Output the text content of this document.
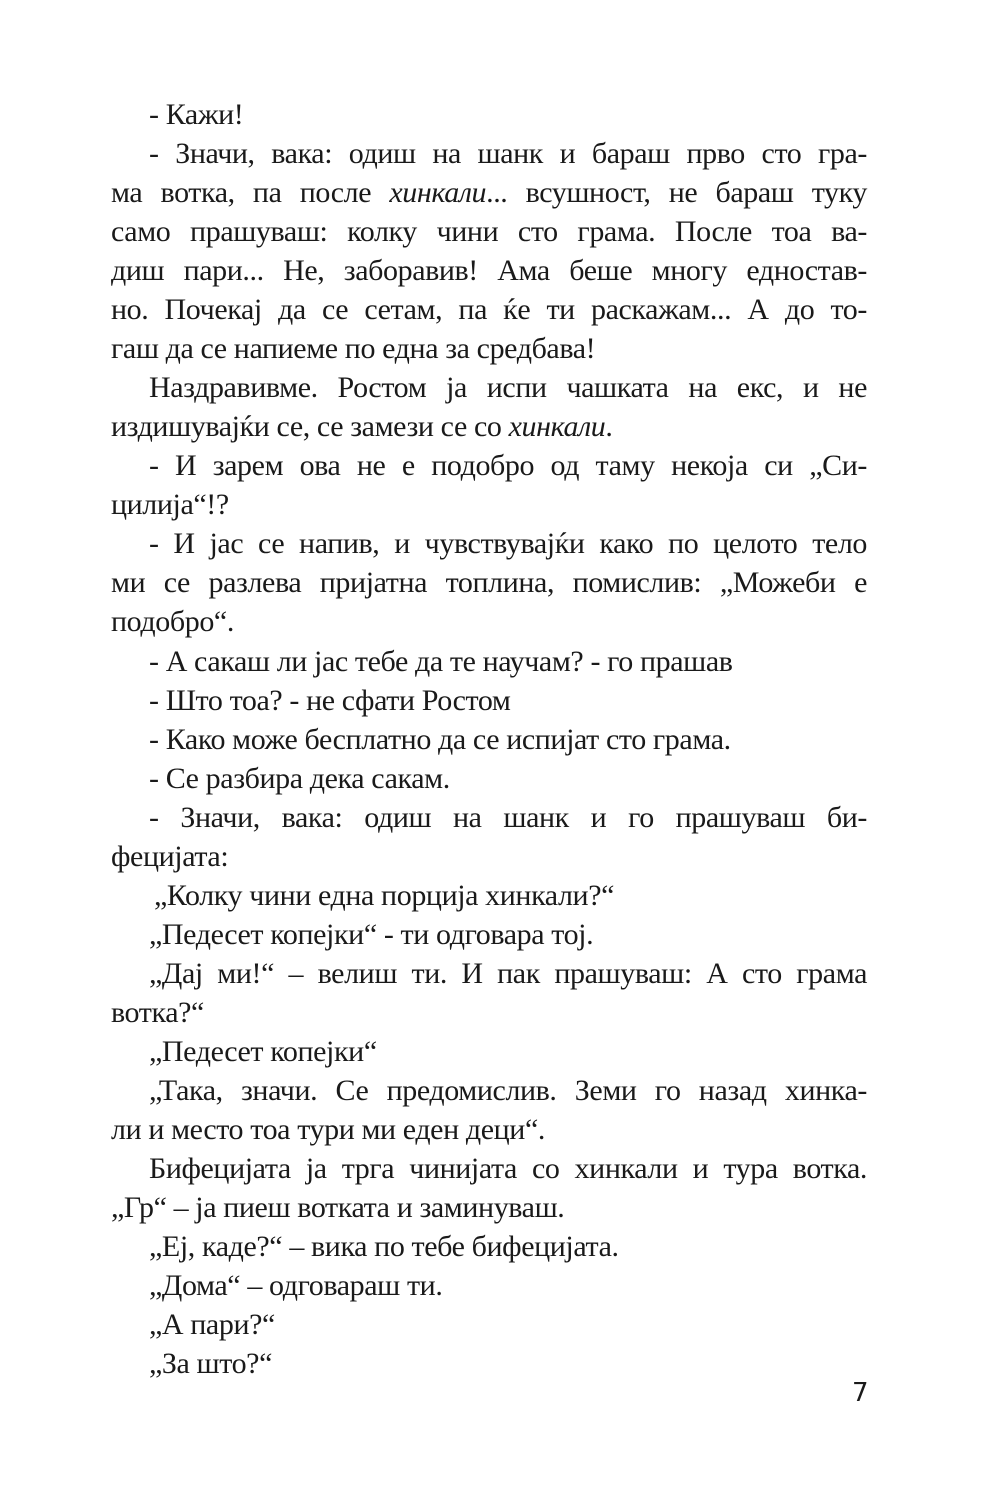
- Кажи!
- Значи, вака: одиш на шанк и бараш прво сто гра-
ма вотка, па после хинкали... всушност, не бараш туку
само прашуваш: колку чини сто грама. После тоа ва-
диш пари... Не, заборавив! Ама беше многу едностав-
но. Почекај да се сетам, па ќе ти раскажам... А до то-
гаш да се напиеме по една за средбава!
Наздравивме. Ростом ја испи чашката на екс, и не
издишувајќи се, се замези се со хинкали.
- И зарем ова не е подобро од таму некоја си „Си-
цилија“!?
- И јас се напив, и чувствувајќи како по целото тело
ми се разлева пријатна топлина, помислив: „Можеби е
подобро“.
- А сакаш ли јас тебе да те научам? - го прашав
- Што тоа? - не сфати Ростом
- Како може бесплатно да се испијат сто грама.
- Се разбира дека сакам.
- Значи, вака: одиш на шанк и го прашуваш би-
фецијата:
„Колку чини една порција хинкали?“
„Педесет копејки“ - ти одговара тој.
„Дај ми!“ – велиш ти. И пак прашуваш: А сто грама
вотка?“
„Педесет копејки“
„Така, значи. Се предомислив. Земи го назад хинка-
ли и место тоа тури ми еден деци“.
Бифецијата ја трга чинијата со хинкали и тура вотка.
„Гр“ – ја пиеш вотката и заминуваш.
„Еј, каде?“ – вика по тебе бифецијата.
„Дома“ – одговараш ти.
„А пари?“
„За што?“
7
